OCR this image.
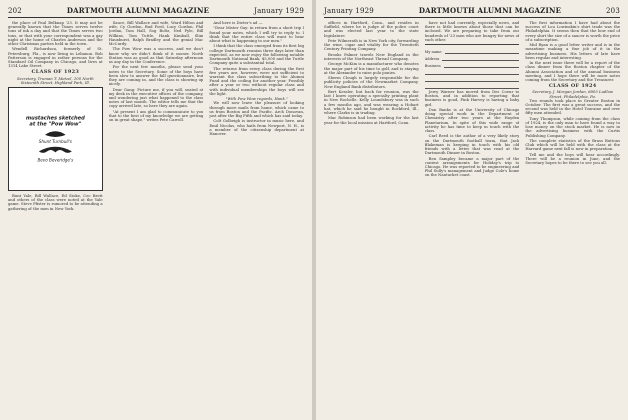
202	DARTMOUTH ALUMNI MAGAZINE	January 1929

the place of Paul Belknap '23. It may not be generally known that the Times serves twelve tons of ink a day and that the Times serves two tons, or that with your correspondent was a gay night at the home of Charles Anderson and the other Christmas parties held in the town.

Wendell Richardson, formerly of St. Petersburg, Fla., is now living in Lebanon. Bob Patterson is engaged in rather persons for the Standard Oil Company in Chicago, and lives at 1314 Lake Street.

CLASS OF 1923

Secretary, Truman T. Metzel, 100 North Sixteenth Street, Highland Park, Ill.

mustaches sketched
at the "Pow Wow"
Shunt Turnbull's
Bevo Beveridge's

Bunt Yale, Bill Wallace, Ed Stoke, Cec Brett and others of the class were noted at the Yale game. Steve Pfister is rumored to be attending a gathering of the men in New York.

Sauce, Bill Wallace and wife, Ward Hilton and wife, Cy Gordon, Bud Ford, Lucy Gordon, Phil Jordan, Tom Hall, Sog Boltz, Ned Pyle, Bill Wilkins, Tom Tuttle, Hank Kimball, Slim Hauxhurst, Ralph Bradley and the genial Mac McCurdy.

The Pow Wow was a success, and we don't know why we didn't think of it sooner. North Station was as good as that Saturday afternoon as any day in the Conference.

For the next few months, please send your notes to the Secretary. Some of the boys have been slow to answer the fall questionnaire, but they are coming in, and the class is showing up nicely.

Dear Gang: Picture me, if you will, seated at my desk in the executive offices of the company, and wondering just what happened to the class notes of last month. The editor tells me that the copy arrived late, so here they are again.

"At present I am glad to communicate to you that to the best of my knowledge we are getting on in great shape," writes Pete Carroll.

And here is Dieter's ad —

"Dear Mister Gay: in return from a short trip I found your notes, which I will try to reply to. I think that the entire class will want to hear about what is happening to our men."

I think that the class emerged from its first big college Dartmouth reunion three days later than expected, as we now enjoy the following notable Dartmouth National Bank, $5,000 and the Tuttle Company quite a substantial total.

The returns from every class during the first five years are, however, were not sufficient to warrant the class subscribing to the Alumni Fund and the ceiling for another year. Possibly after a year or two without regular class and with individual memberships the boys will see the light.

"With Pow Wow regards, Hank."

We will now leave the pleasure of looking through more mails from home, which came to us from Boston and the Pacific. Arch Donovan, just after the Big Fifth and which has said today.

Colt Golbeigh is instructor in music here, and Emil Nicolas, who hails from Newport, N. H., is a member of the citizenship department at Hanover.

January 1929	DARTMOUTH ALUMNI MAGAZINE	203

offices in Hartford, Conn., and resides in Suffield, where he is judge of the police court and was elected last year to the state legislature.

Pete Wilmerath is in New York city, forwarding the wine, cigar and vitality for the Twentieth Century Printing Company.

Brooks Palmer travels New England in the interests of the Northeast Thread Company.

George McKim is a manufacturer who denotes the major part of his time to golf, and is staying at the Alexander to raise polo ponies.

Sherm Clough is largely responsible for the publicity policies of the Newmarket Company, New England Bank distributors.

Bert Kessler, but back for reunion, was the last I knew operating a specialty printing plant in New Rochelle. Kelly Loundsbury was in such a few months ago, and was wearing a Hobart hat, which he said he bought in Rockford, Ill., where Clarke is in trading.

Mac Robinson had been working for the last year for the local mission at Hartford, Conn.

have not had currently, especially news, and there is little known about those that can be inclosed. We are preparing to take from our hundreds of '23 men who are hungry for news of each other.

My name
Address
Business

Jerry Warner has moved from Des Coeur to Boston, and in addition to reporting that business is good, Pink Harvey is having a baby girl.

Don Banks is at the University of Chicago doing special work in the Department of Chemistry after two years at the Hayden Planetarium. In spite of this wide range of activity he has time to keep in touch with the class.

Carl Reed is the author of a very likely story on the Dartmouth football team, that Jack Blakeman is keeping in touch with his old friends with a letter that was read at the Dartmouth Dinner in Boston.

Ben Sampley became a major part of the contest arrangements for Holiday's trip to Chicago. He was reported to be engineering and Phil Sully's management and Judge Cole's home on the Nantucket coast.

The first information I have had about the success of Lou Lowinskin's shirt trade was the Philadelphia. It seems then that the bow end of every shirt the size of a saucer is worth the price of a subscription.

Mid Ryan is a good letter writer and is in the meantime making a fine job of it in the advertising business. His letters of late have been regular and interesting.

In the next issue there will be a report of the class dinner from the Boston chapter of the Alumni Association and of the annual business meeting, and I hope there will be more notes coming from the Secretary and the Treasurer.

CLASS OF 1924

Secretary, J. Morgan Jordan, 6805 Ludlow Street, Philadelphia, Pa.

Two rounds took place in Greater Boston in October. The first was a great success, and the second was held in the Hotel Touraine and over fifty men attended.

Tony Thompson, while coming from the class of 1924, is the only man to have found a way to lose money on the stock market. He is now in the advertising business with the Curtis Publishing Company.

The complete statistics of the Brass Buttons Club which will be held with the class at the Harvard game next fall is now in preparation.

Tell me and the boys will hear accordingly. There will be a reunion in June, and the Secretary hopes to be there to see you all.
